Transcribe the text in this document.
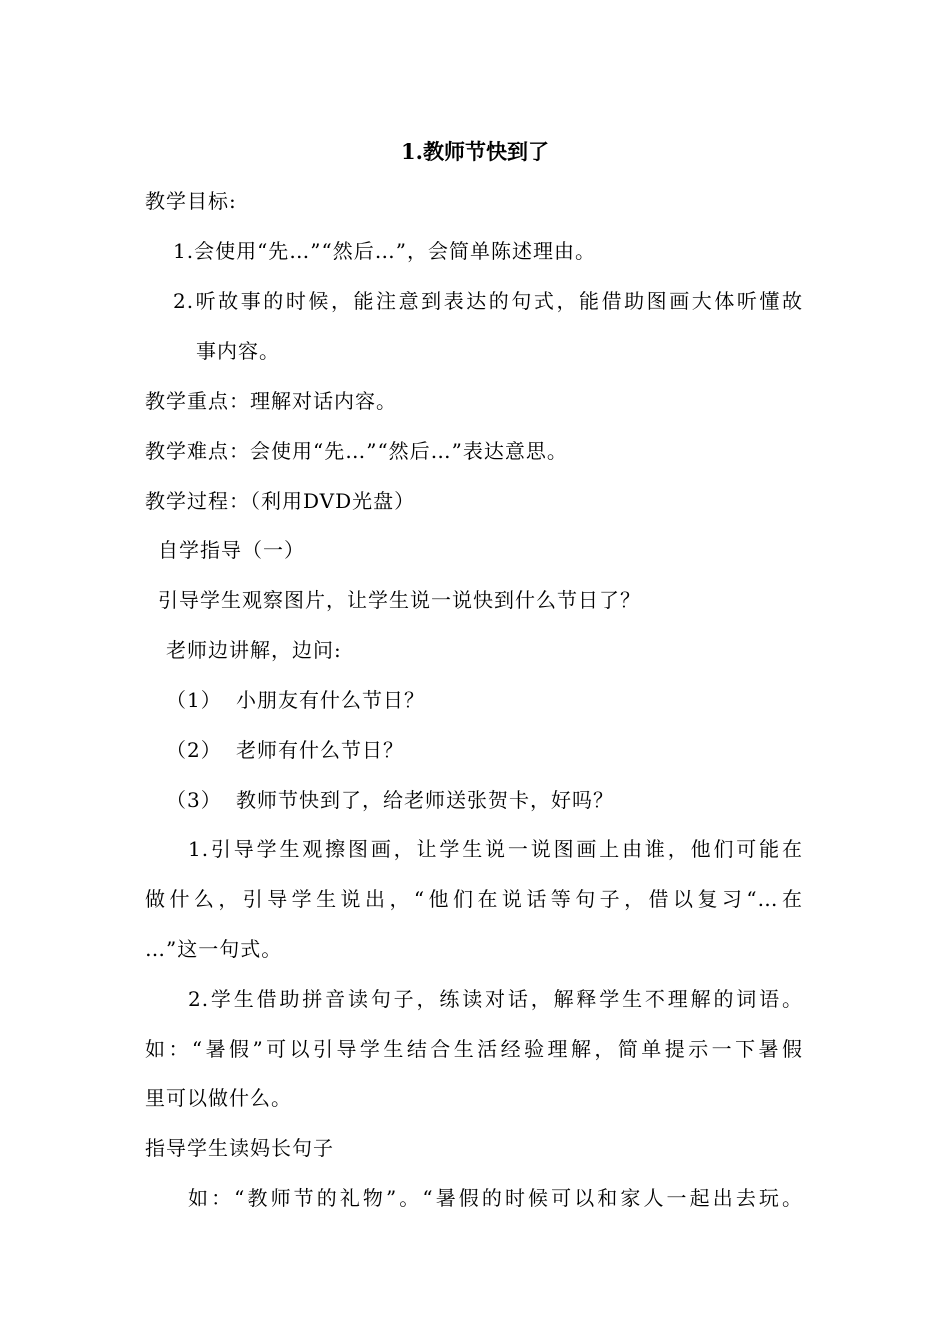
1.教师节快到了
教学目标:
1.会使用“先…”“然后…”，会简单陈述理由。
2.听故事的时候，能注意到表达的句式，能借助图画大体听懂故
事内容。
教学重点：理解对话内容。
教学难点：会使用“先…”“然后…”表达意思。
教学过程：（利用DVD光盘）
自学指导（一）
引导学生观察图片，让学生说一说快到什么节日了？
老师边讲解，边问:
（1） 小朋友有什么节日？
（2） 老师有什么节日？
（3） 教师节快到了，给老师送张贺卡，好吗？
1.引导学生观擦图画，让学生说一说图画上由谁，他们可能在
做什么，引导学生说出，“他们在说话等句子，借以复习“…在
…”这一句式。
2.学生借助拼音读句子，练读对话，解释学生不理解的词语。
如：“暑假”可以引导学生结合生活经验理解，简单提示一下暑假
里可以做什么。
指导学生读妈长句子
如：“教师节的礼物”。“暑假的时候可以和家人一起出去玩。
